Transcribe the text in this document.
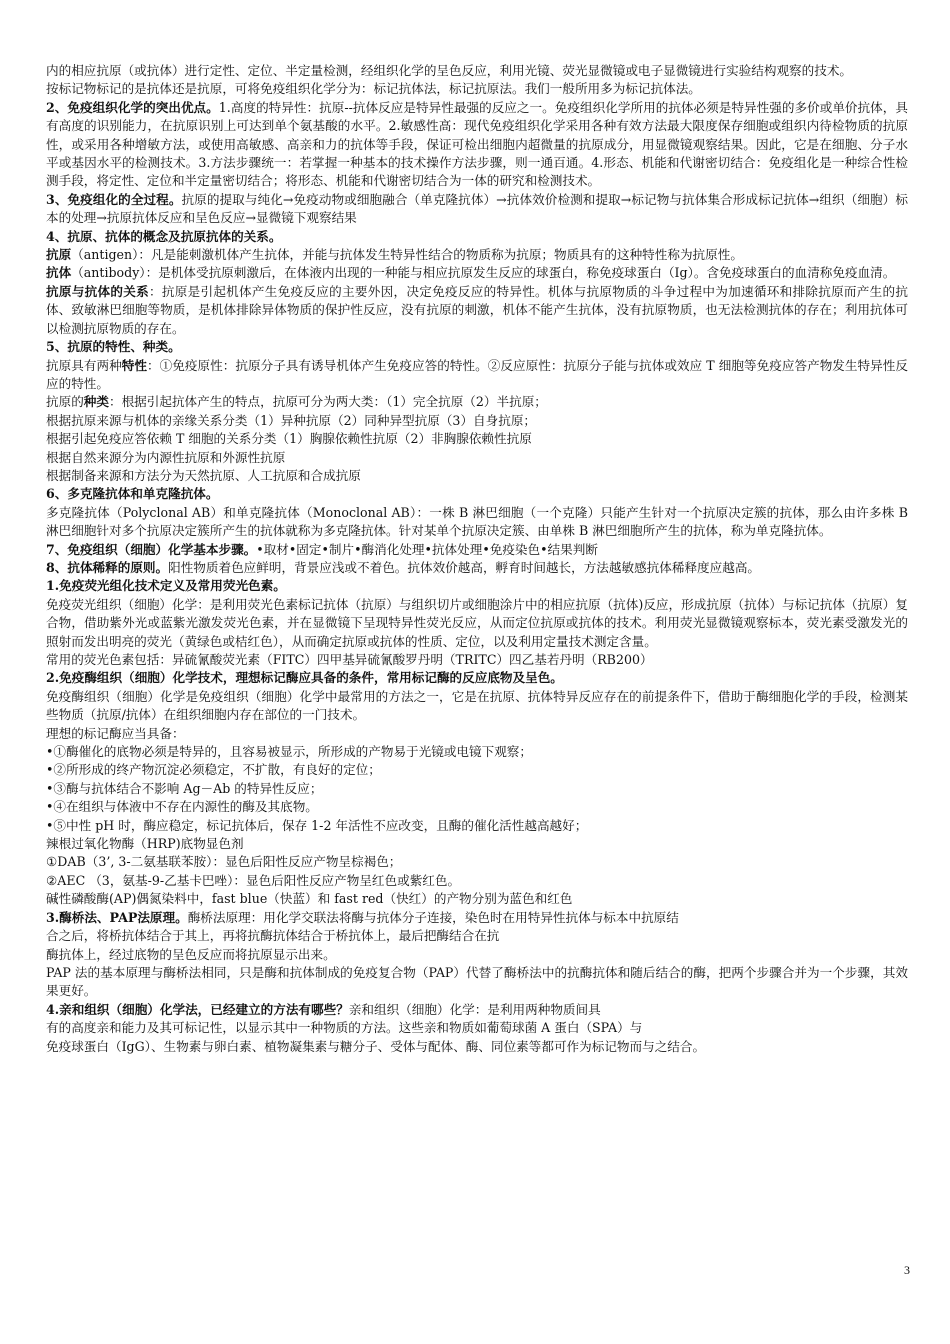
内的相应抗原（或抗体）进行定性、定位、半定量检测，经组织化学的呈色反应，利用光镜、荧光显微镜或电子显微镜进行实验结构观察的技术。

按标记物标记的是抗体还是抗原，可将免疫组织化学分为：标记抗体法，标记抗原法。我们一般所用多为标记抗体法。

2、免疫组织化学的突出优点。1.高度的特异性：抗原--抗体反应是特异性最强的反应之一。免疫组织化学所用的抗体必须是特异性强的多价或单价抗体，具有高度的识别能力，在抗原识别上可达到单个氨基酸的水平。2.敏感性高：现代免疫组织化学采用各种有效方法最大限度保存细胞或组织内待检物质的抗原性，或采用各种增敏方法，或使用高敏感、高亲和力的抗体等手段，保证可检出细胞内超微量的抗原成分，用显微镜观察结果。因此，它是在细胞、分子水平或基因水平的检测技术。3.方法步骤统一：若掌握一种基本的技术操作方法步骤，则一通百通。4.形态、机能和代谢密切结合：免疫组化是一种综合性检测手段，将定性、定位和半定量密切结合；将形态、机能和代谢密切结合为一体的研究和检测技术。

3、免疫组化的全过程。抗原的提取与纯化→免疫动物或细胞融合（单克隆抗体）→抗体效价检测和提取→标记物与抗体集合形成标记抗体→组织（细胞）标本的处理→抗原抗体反应和呈色反应→显微镜下观察结果

4、抗原、抗体的概念及抗原抗体的关系。

抗原（antigen）：凡是能刺激机体产生抗体，并能与抗体发生特异性结合的物质称为抗原；物质具有的这种特性称为抗原性。

抗体（antibody）：是机体受抗原刺激后，在体液内出现的一种能与相应抗原发生反应的球蛋白，称免疫球蛋白（Ig）。含免疫球蛋白的血清称免疫血清。

抗原与抗体的关系：抗原是引起机体产生免疫反应的主要外因，决定免疫反应的特异性。机体与抗原物质的斗争过程中为加速循环和排除抗原而产生的抗体、致敏淋巴细胞等物质，是机体排除异体物质的保护性反应，没有抗原的刺激，机体不能产生抗体，没有抗原物质，也无法检测抗体的存在；利用抗体可以检测抗原物质的存在。

5、抗原的特性、种类。

抗原具有两种特性：①免疫原性：抗原分子具有诱导机体产生免疫应答的特性。②反应原性：抗原分子能与抗体或效应 T 细胞等免疫应答产物发生特异性反应的特性。

抗原的种类：根据引起抗体产生的特点，抗原可分为两大类：（1）完全抗原（2）半抗原；

根据抗原来源与机体的亲缘关系分类（1）异种抗原（2）同种异型抗原（3）自身抗原；

根据引起免疫应答依赖 T 细胞的关系分类（1）胸腺依赖性抗原（2）非胸腺依赖性抗原

根据自然来源分为内源性抗原和外源性抗原

根据制备来源和方法分为天然抗原、人工抗原和合成抗原

6、多克隆抗体和单克隆抗体。

多克隆抗体（Polyclonal AB）和单克隆抗体（Monoclonal AB）：一株 B 淋巴细胞（一个克隆）只能产生针对一个抗原决定簇的抗体，那么由许多株 B 淋巴细胞针对多个抗原决定簇所产生的抗体就称为多克隆抗体。针对某单个抗原决定簇、由单株 B 淋巴细胞所产生的抗体，称为单克隆抗体。

7、免疫组织（细胞）化学基本步骤。•取材•固定•制片•酶消化处理•抗体处理•免疫染色•结果判断

8、抗体稀释的原则。阳性物质着色应鲜明，背景应浅或不着色。抗体效价越高，孵育时间越长，方法越敏感抗体稀释度应越高。

1.免疫荧光组化技术定义及常用荧光色素。

免疫荧光组织（细胞）化学：是利用荧光色素标记抗体（抗原）与组织切片或细胞涂片中的相应抗原（抗体)反应，形成抗原（抗体）与标记抗体（抗原）复合物，借助紫外光或蓝紫光激发荧光色素，并在显微镜下呈现特异性荧光反应，从而定位抗原或抗体的技术。利用荧光显微镜观察标本，荧光素受激发光的照射而发出明亮的荧光（黄绿色或桔红色），从而确定抗原或抗体的性质、定位，以及利用定量技术测定含量。

常用的荧光色素包括：异硫氰酸荧光素（FITC）四甲基异硫氰酸罗丹明（TRITC）四乙基若丹明（RB200）

2.免疫酶组织（细胞）化学技术，理想标记酶应具备的条件，常用标记酶的反应底物及呈色。

免疫酶组织（细胞）化学是免疫组织（细胞）化学中最常用的方法之一，它是在抗原、抗体特异反应存在的前提条件下，借助于酶细胞化学的手段，检测某些物质（抗原/抗体）在组织细胞内存在部位的一门技术。

理想的标记酶应当具备：

•①酶催化的底物必须是特异的，且容易被显示，所形成的产物易于光镜或电镜下观察；

•②所形成的终产物沉淀必须稳定，不扩散，有良好的定位；

•③酶与抗体结合不影响 Ag－Ab 的特异性反应；

•④在组织与体液中不存在内源性的酶及其底物。

•⑤中性 pH 时，酶应稳定，标记抗体后，保存 1-2 年活性不应改变，且酶的催化活性越高越好；

辣根过氧化物酶（HRP)底物显色剂

①DAB（3’, 3-二氨基联苯胺）：显色后阳性反应产物呈棕褐色；

②AEC （3，氨基-9-乙基卡巴唑）：显色后阳性反应产物呈红色或紫红色。

碱性磷酸酶(AP)偶氮染料中，fast blue（快蓝）和 fast red（快红）的产物分别为蓝色和红色

3.酶桥法、PAP法原理。酶桥法原理：用化学交联法将酶与抗体分子连接，染色时在用特异性抗体与标本中抗原结

合之后，将桥抗体结合于其上，再将抗酶抗体结合于桥抗体上，最后把酶结合在抗

酶抗体上，经过底物的呈色反应而将抗原显示出来。

PAP 法的基本原理与酶桥法相同，只是酶和抗体制成的免疫复合物（PAP）代替了酶桥法中的抗酶抗体和随后结合的酶，把两个步骤合并为一个步骤，其效果更好。

4.亲和组织（细胞）化学法，已经建立的方法有哪些？亲和组织（细胞）化学：是利用两种物质间具

有的高度亲和能力及其可标记性，以显示其中一种物质的方法。这些亲和物质如葡萄球菌 A 蛋白（SPA）与

免疫球蛋白（IgG）、生物素与卵白素、植物凝集素与糖分子、受体与配体、酶、同位素等都可作为标记物而与之结合。

3
